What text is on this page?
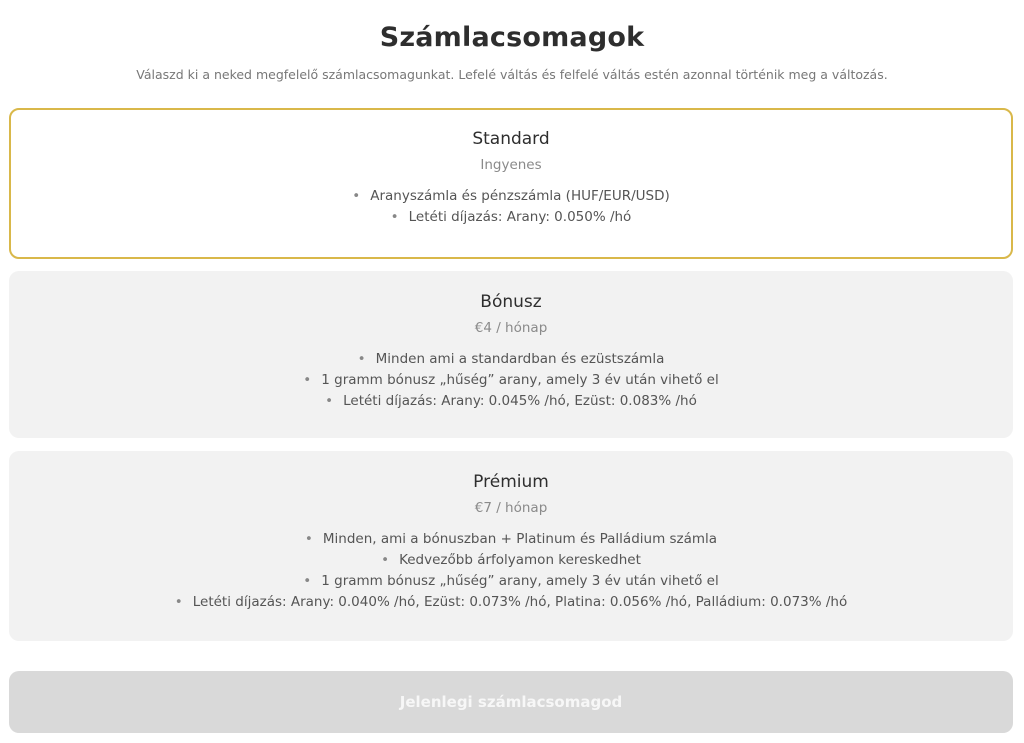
Számlacsomagok
Válaszd ki a neked megfelelő számlacsomagunkat. Lefelé váltás és felfelé váltás estén azonnal történik meg a változás.
Standard
Ingyenes
• Aranyszámla és pénzszámla (HUF/EUR/USD)
• Letéti díjazás: Arany: 0.050% /hó
Bónusz
€4 / hónap
• Minden ami a standardban és ezüstszámla
• 1 gramm bónusz „hűség” arany, amely 3 év után vihető el
• Letéti díjazás: Arany: 0.045% /hó, Ezüst: 0.083% /hó
Prémium
€7 / hónap
• Minden, ami a bónuszban + Platinum és Palládium számla
• Kedvezőbb árfolyamon kereskedhet
• 1 gramm bónusz „hűség” arany, amely 3 év után vihető el
• Letéti díjazás: Arany: 0.040% /hó, Ezüst: 0.073% /hó, Platina: 0.056% /hó, Palládium: 0.073% /hó
Jelenlegi számlacsomagod
